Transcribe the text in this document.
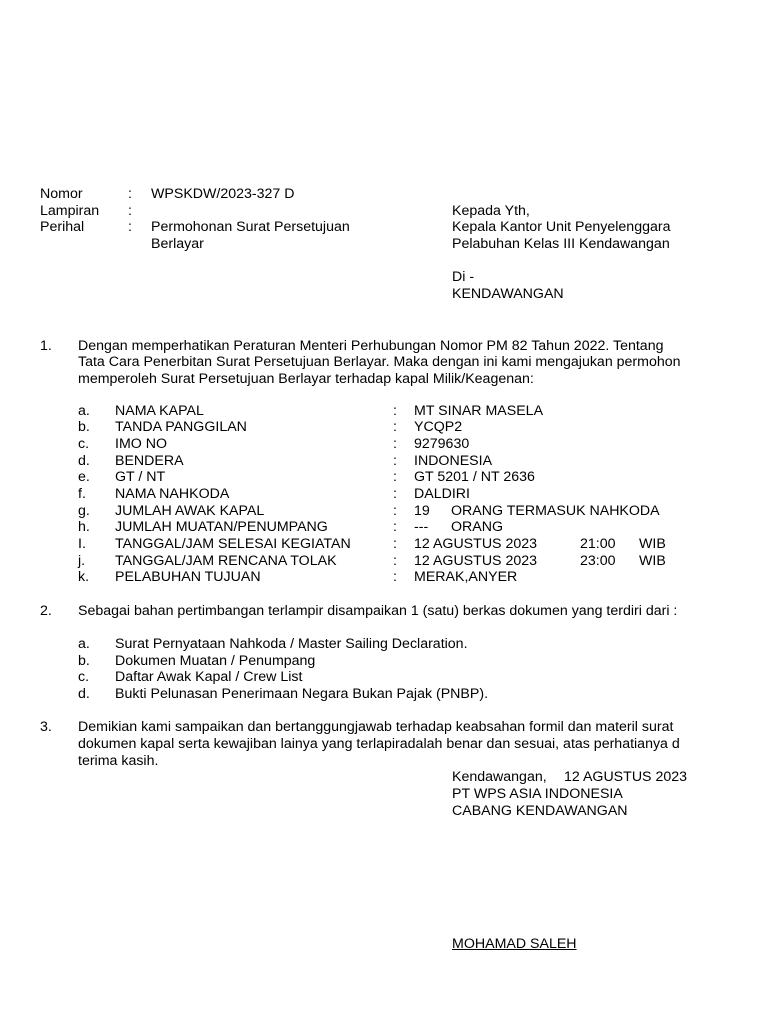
Nomor	: WPSKDW/2023-327 D
Lampiran :
Perihal	: Permohonan Surat Persetujuan
Berlayar
Kepada Yth,
Kepala Kantor Unit Penyelenggara
Pelabuhan Kelas III Kendawangan
Di -
KENDAWANGAN
1. Dengan memperhatikan Peraturan Menteri Perhubungan Nomor PM 82 Tahun 2022. Tentang
Tata Cara Penerbitan Surat Persetujuan Berlayar. Maka dengan ini kami mengajukan permohon
memperoleh Surat Persetujuan Berlayar terhadap kapal Milik/Keagenan:
a. NAMA KAPAL	: MT SINAR MASELA
b. TANDA PANGGILAN	: YCQP2
c. IMO NO	: 9279630
d. BENDERA	: INDONESIA
e. GT / NT	: GT 5201 / NT 2636
f. NAMA NAHKODA	: DALDIRI
g. JUMLAH AWAK KAPAL	: 19 ORANG TERMASUK NAHKODA
h. JUMLAH MUATAN/PENUMPANG	: --- ORANG
I. TANGGAL/JAM SELESAI KEGIATAN	: 12 AGUSTUS 2023	21:00 WIB
j. TANGGAL/JAM RENCANA TOLAK	: 12 AGUSTUS 2023	23:00 WIB
k. PELABUHAN TUJUAN	: MERAK,ANYER
2. Sebagai bahan pertimbangan terlampir disampaikan 1 (satu) berkas dokumen yang terdiri dari :
a. Surat Pernyataan Nahkoda / Master Sailing Declaration.
b. Dokumen Muatan / Penumpang
c. Daftar Awak Kapal / Crew List
d. Bukti Pelunasan Penerimaan Negara Bukan Pajak (PNBP).
3. Demikian kami sampaikan dan bertanggungjawab terhadap keabsahan formil dan materil surat
dokumen kapal serta kewajiban lainya yang terlapiradalah benar dan sesuai, atas perhatianya d
terima kasih.
Kendawangan, 12 AGUSTUS 2023
PT WPS ASIA INDONESIA
CABANG KENDAWANGAN
MOHAMAD SALEH
